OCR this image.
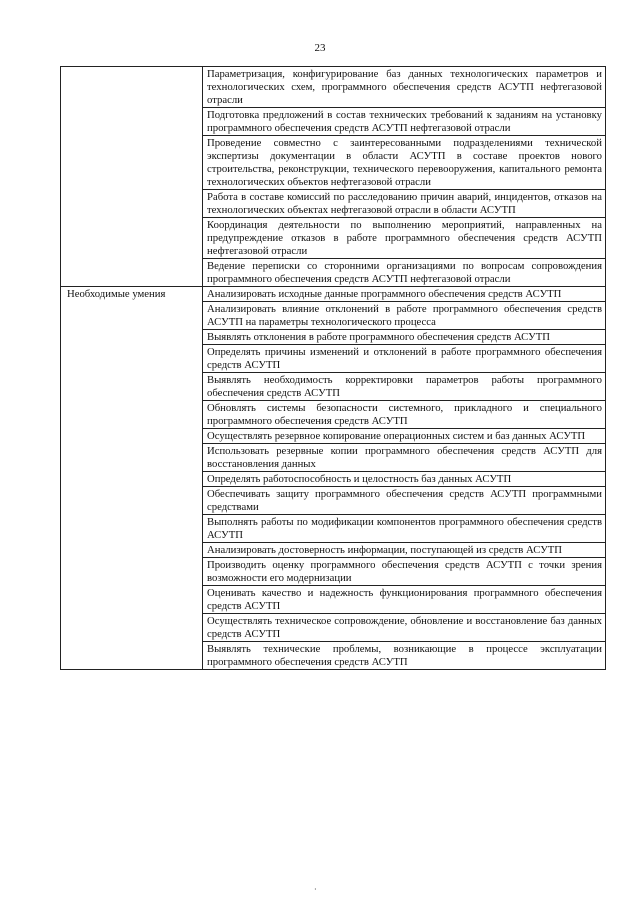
23
	Параметризация, конфигурирование баз данных технологических параметров и технологических схем, программного обеспечения средств АСУТП нефтегазовой отрасли
	Подготовка предложений в состав технических требований к заданиям на установку программного обеспечения средств АСУТП нефтегазовой отрасли
	Проведение совместно с заинтересованными подразделениями технической экспертизы документации в области АСУТП в составе проектов нового строительства, реконструкции, технического перевооружения, капитального ремонта технологических объектов нефтегазовой отрасли
	Работа в составе комиссий по расследованию причин аварий, инцидентов, отказов на технологических объектах нефтегазовой отрасли в области АСУТП
	Координация деятельности по выполнению мероприятий, направленных на предупреждение отказов в работе программного обеспечения средств АСУТП нефтегазовой отрасли
	Ведение переписки со сторонними организациями по вопросам сопровождения программного обеспечения средств АСУТП нефтегазовой отрасли
Необходимые умения	Анализировать исходные данные программного обеспечения средств АСУТП
	Анализировать влияние отклонений в работе программного обеспечения средств АСУТП на параметры технологического процесса
	Выявлять отклонения в работе программного обеспечения средств АСУТП
	Определять причины изменений и отклонений в работе программного обеспечения средств АСУТП
	Выявлять необходимость корректировки параметров работы программного обеспечения средств АСУТП
	Обновлять системы безопасности системного, прикладного и специального программного обеспечения средств АСУТП
	Осуществлять резервное копирование операционных систем и баз данных АСУТП
	Использовать резервные копии программного обеспечения средств АСУТП для восстановления данных
	Определять работоспособность и целостность баз данных АСУТП
	Обеспечивать защиту программного обеспечения средств АСУТП программными средствами
	Выполнять работы по модификации компонентов программного обеспечения средств АСУТП
	Анализировать достоверность информации, поступающей из средств АСУТП
	Производить оценку программного обеспечения средств АСУТП с точки зрения возможности его модернизации
	Оценивать качество и надежность функционирования программного обеспечения средств АСУТП
	Осуществлять техническое сопровождение, обновление и восстановление баз данных средств АСУТП
	Выявлять технические проблемы, возникающие в процессе эксплуатации программного обеспечения средств АСУТП
·
